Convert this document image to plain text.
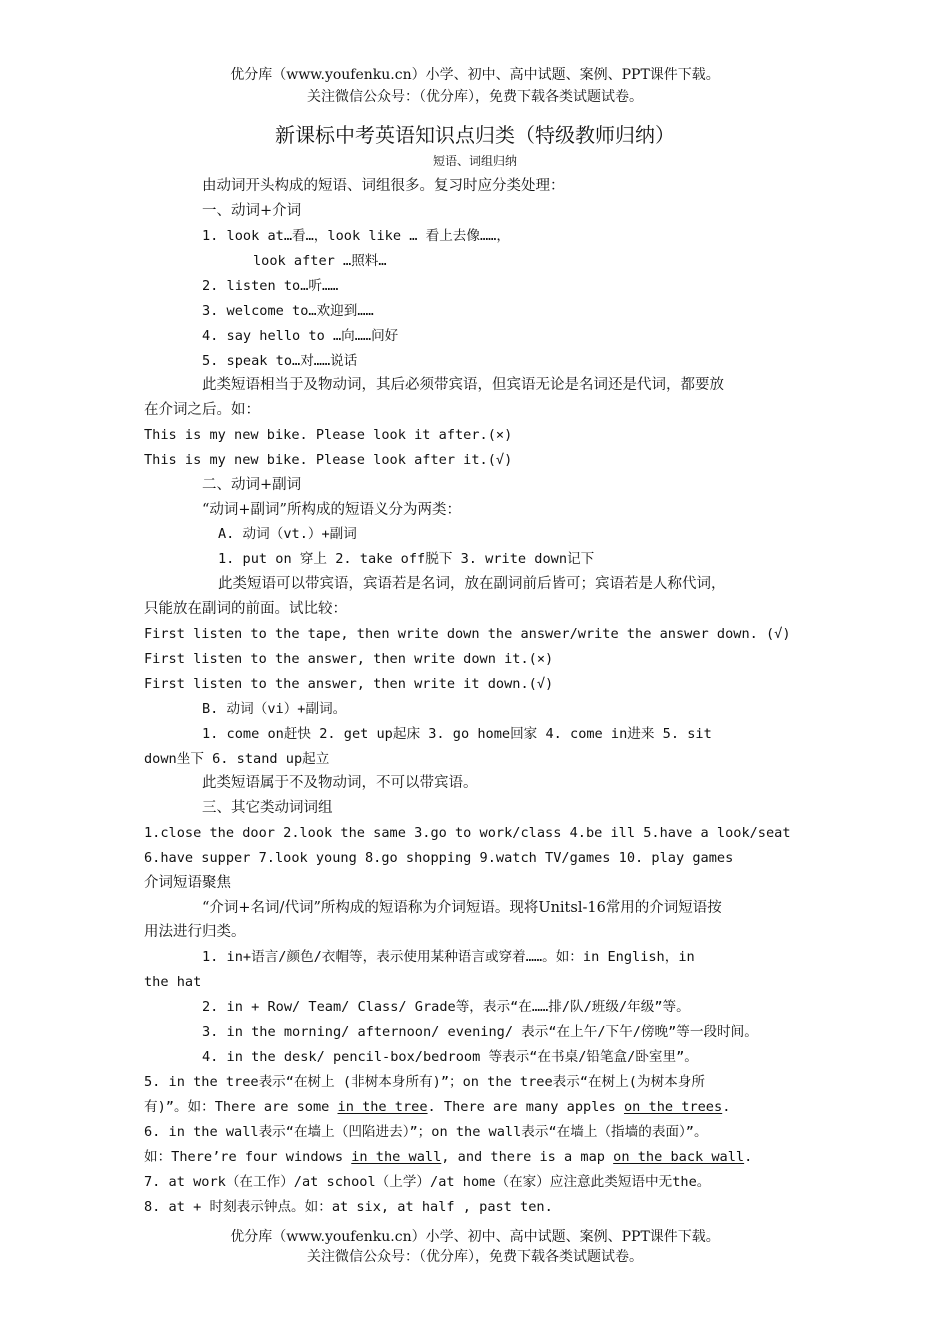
优分库（www.youfenku.cn）小学、初中、高中试题、案例、PPT课件下载。
关注微信公众号：（优分库），免费下载各类试题试卷。
新课标中考英语知识点归类（特级教师归纳）
短语、词组归纳
由动词开头构成的短语、词组很多。复习时应分类处理：
一、动词+介词
1. look at…看…，look like … 看上去像……，
look after …照料…
2. listen to…听……
3. welcome to…欢迎到……
4. say hello to …向……问好
5. speak to…对……说话
此类短语相当于及物动词，其后必须带宾语，但宾语无论是名词还是代词，都要放
在介词之后。如：
This is my new bike. Please look it after.(×)
This is my new bike. Please look after it.(√)
二、动词+副词
“动词+副词”所构成的短语义分为两类：
A. 动词（vt.）+副词
1. put on 穿上 2. take off脱下 3. write down记下
此类短语可以带宾语，宾语若是名词，放在副词前后皆可；宾语若是人称代词，
只能放在副词的前面。试比较：
First listen to the tape, then write down the answer/write the answer down. (√)
First listen to the answer, then write down it.(×)
First listen to the answer, then write it down.(√)
B. 动词（vi）+副词。
1. come on赶快 2. get up起床 3. go home回家 4. come in进来 5. sit
down坐下 6. stand up起立
此类短语属于不及物动词，不可以带宾语。
三、其它类动词词组
1.close the door 2.look the same 3.go to work/class 4.be ill 5.have a look/seat
6.have supper 7.look young 8.go shopping 9.watch TV/games 10. play games
介词短语聚焦
“介词+名词/代词”所构成的短语称为介词短语。现将Unitsl-16常用的介词短语按
用法进行归类。
1. in+语言/颜色/衣帽等，表示使用某种语言或穿着……。如：in English，in
the hat
2. in + Row/ Team/ Class/ Grade等，表示“在……排/队/班级/年级”等。
3. in the morning/ afternoon/ evening/ 表示“在上午/下午/傍晚”等一段时间。
4. in the desk/ pencil-box/bedroom 等表示“在书桌/铅笔盒/卧室里”。
5. in the tree表示“在树上 (非树本身所有)”；on the tree表示“在树上(为树本身所
有)”。如：There are some in the tree. There are many apples on the trees.
6. in the wall表示“在墙上（凹陷进去）”；on the wall表示“在墙上（指墙的表面）”。
如：There’re four windows in the wall, and there is a map on the back wall.
7. at work（在工作）/at school（上学）/at home（在家）应注意此类短语中无the。
8. at + 时刻表示钟点。如：at six, at half , past ten.
优分库（www.youfenku.cn）小学、初中、高中试题、案例、PPT课件下载。
关注微信公众号：（优分库），免费下载各类试题试卷。
